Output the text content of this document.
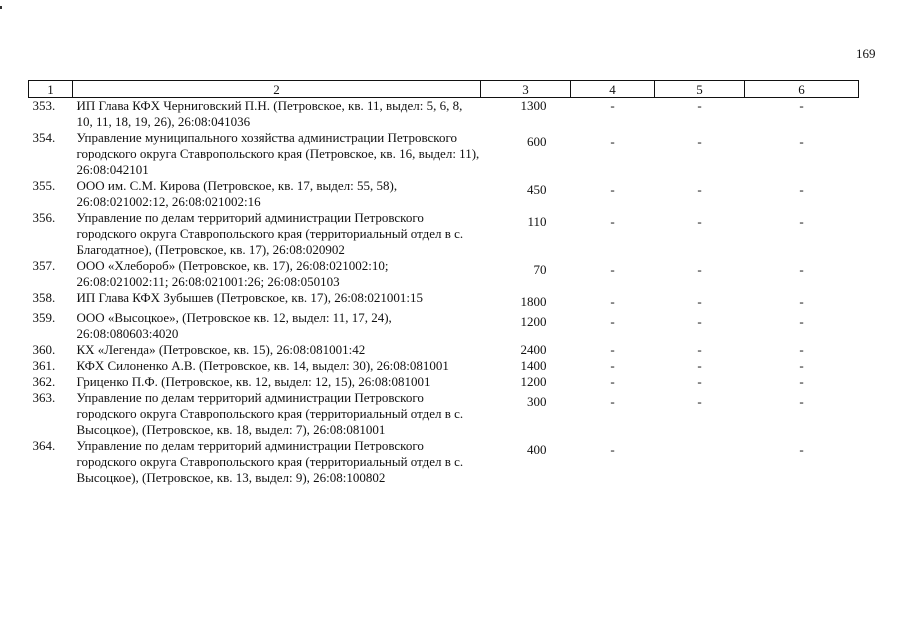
169
1	2	3	4	5	6
353.	ИП Глава КФХ Черниговский П.Н. (Петровское, кв. 11, выдел: 5, 6, 8, 10, 11, 18, 19, 26), 26:08:041036	1300	-	-	-
354.	Управление муниципального хозяйства администрации Петровского городского округа Ставропольского края (Петровское, кв. 16, выдел: 11), 26:08:042101	600	-	-	-
355.	ООО им. С.М. Кирова (Петровское, кв. 17, выдел: 55, 58), 26:08:021002:12, 26:08:021002:16	450	-	-	-
356.	Управление по делам территорий администрации Петровского городского округа Ставропольского края (территориальный отдел в с. Благодатное), (Петровское, кв. 17), 26:08:020902	110	-	-	-
357.	ООО «Хлебороб» (Петровское, кв. 17), 26:08:021002:10; 26:08:021002:11; 26:08:021001:26; 26:08:050103	70	-	-	-
358.	ИП Глава КФХ Зубышев (Петровское, кв. 17), 26:08:021001:15	1800	-	-	-
359.	ООО «Высоцкое», (Петровское кв. 12, выдел: 11, 17, 24), 26:08:080603:4020	1200	-	-	-
360.	КХ «Легенда» (Петровское, кв. 15), 26:08:081001:42	2400	-	-	-
361.	КФХ Силоненко А.В. (Петровское, кв. 14, выдел: 30), 26:08:081001	1400	-	-	-
362.	Гриценко П.Ф. (Петровское, кв. 12, выдел: 12, 15), 26:08:081001	1200	-	-	-
363.	Управление по делам территорий администрации Петровского городского округа Ставропольского края (территориальный отдел в с. Высоцкое), (Петровское, кв. 18, выдел: 7), 26:08:081001	300	-	-	-
364.	Управление по делам территорий администрации Петровского городского округа Ставропольского края (территориальный отдел в с. Высоцкое), (Петровское, кв. 13, выдел: 9), 26:08:100802	400	-		-
